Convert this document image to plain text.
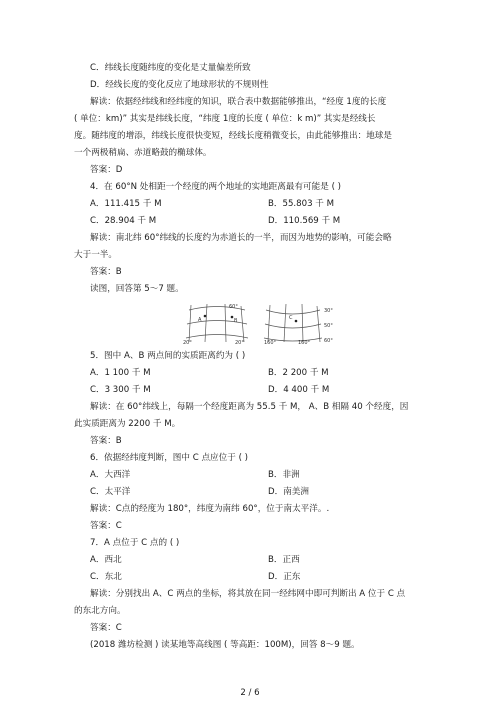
C．纬线长度随纬度的变化是丈量偏差所致
D．经线长度的变化反应了地球形状的不规则性
解读：依据经纬线和经纬度的知识，联合表中数据能够推出，“经度 1度的长度
( 单位：km)” 其实是纬线长度，“纬度 1度的长度 ( 单位：k m)” 其实是经线长
度。随纬度的增添，纬线长度很快变短，经线长度稍微变长，由此能够推出：地球是
一个两极稍扁、赤道略鼓的椭球体。
答案：D
4．在 60°N 处相距一个经度的两个地址的实地距离最有可能是 ( )
A．111.415 千 M	B．55.803 千 M
C．28.904 千 M	D．110.569 千 M
解读：南北纬 60°纬线的长度约为赤道长的一半，而因为地势的影响，可能会略
大于一半。
答案：B
读图，回答第 5～7 题。
60°
A	B
20°	20°
C
30°
50°
160°	160°	60°
5．图中 A、B 两点间的实质距离约为 ( )
A．1 100 千 M	B．2 200 千 M
C．3 300 千 M	D．4 400 千 M
解读：在 60°纬线上，每隔一个经度距离为 55.5 千 M， A、B 相隔 40 个经度，因
此实质距离为 2200 千 M。
答案：B
6．依据经纬度判断，图中 C 点应位于 ( )
A．大西洋	B．非洲
C．太平洋	D．南美洲
解读：C点的经度为 180°，纬度为南纬 60°，位于南太平洋。.
答案：C
7．A 点位于 C 点的 ( )
A．西北	B．正西
C．东北	D．正东
解读：分别找出 A、C 两点的坐标，将其放在同一经纬网中即可判断出 A 位于 C 点
的东北方向。
答案：C
(2018 潍坊检测 ) 读某地等高线图 ( 等高距：100M)，回答 8～9 题。
2 / 6
